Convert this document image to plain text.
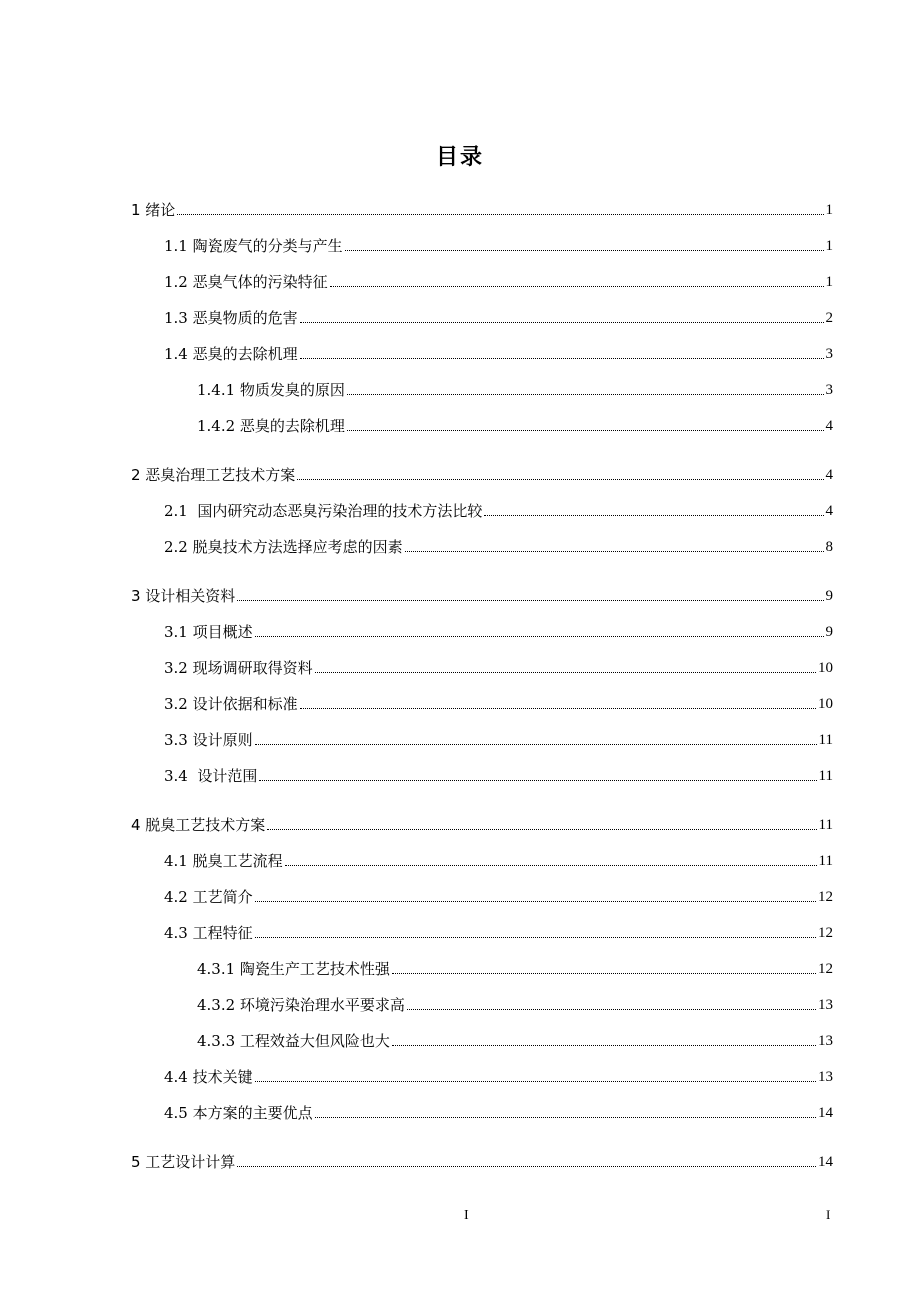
目录
1 绪论	1
1.1 陶瓷废气的分类与产生	1
1.2 恶臭气体的污染特征	1
1.3 恶臭物质的危害	2
1.4 恶臭的去除机理	3
1.4.1 物质发臭的原因	3
1.4.2 恶臭的去除机理	4
2 恶臭治理工艺技术方案	4
2.1  国内研究动态恶臭污染治理的技术方法比较	4
2.2 脱臭技术方法选择应考虑的因素	8
3 设计相关资料	9
3.1 项目概述	9
3.2 现场调研取得资料	10
3.2 设计依据和标准	10
3.3 设计原则	11
3.4  设计范围	11
4 脱臭工艺技术方案	11
4.1 脱臭工艺流程	11
4.2 工艺简介	12
4.3 工程特征	12
4.3.1 陶瓷生产工艺技术性强	12
4.3.2 环境污染治理水平要求高	13
4.3.3 工程效益大但风险也大	13
4.4 技术关键	13
4.5 本方案的主要优点	14
5 工艺设计计算	14
I	I
